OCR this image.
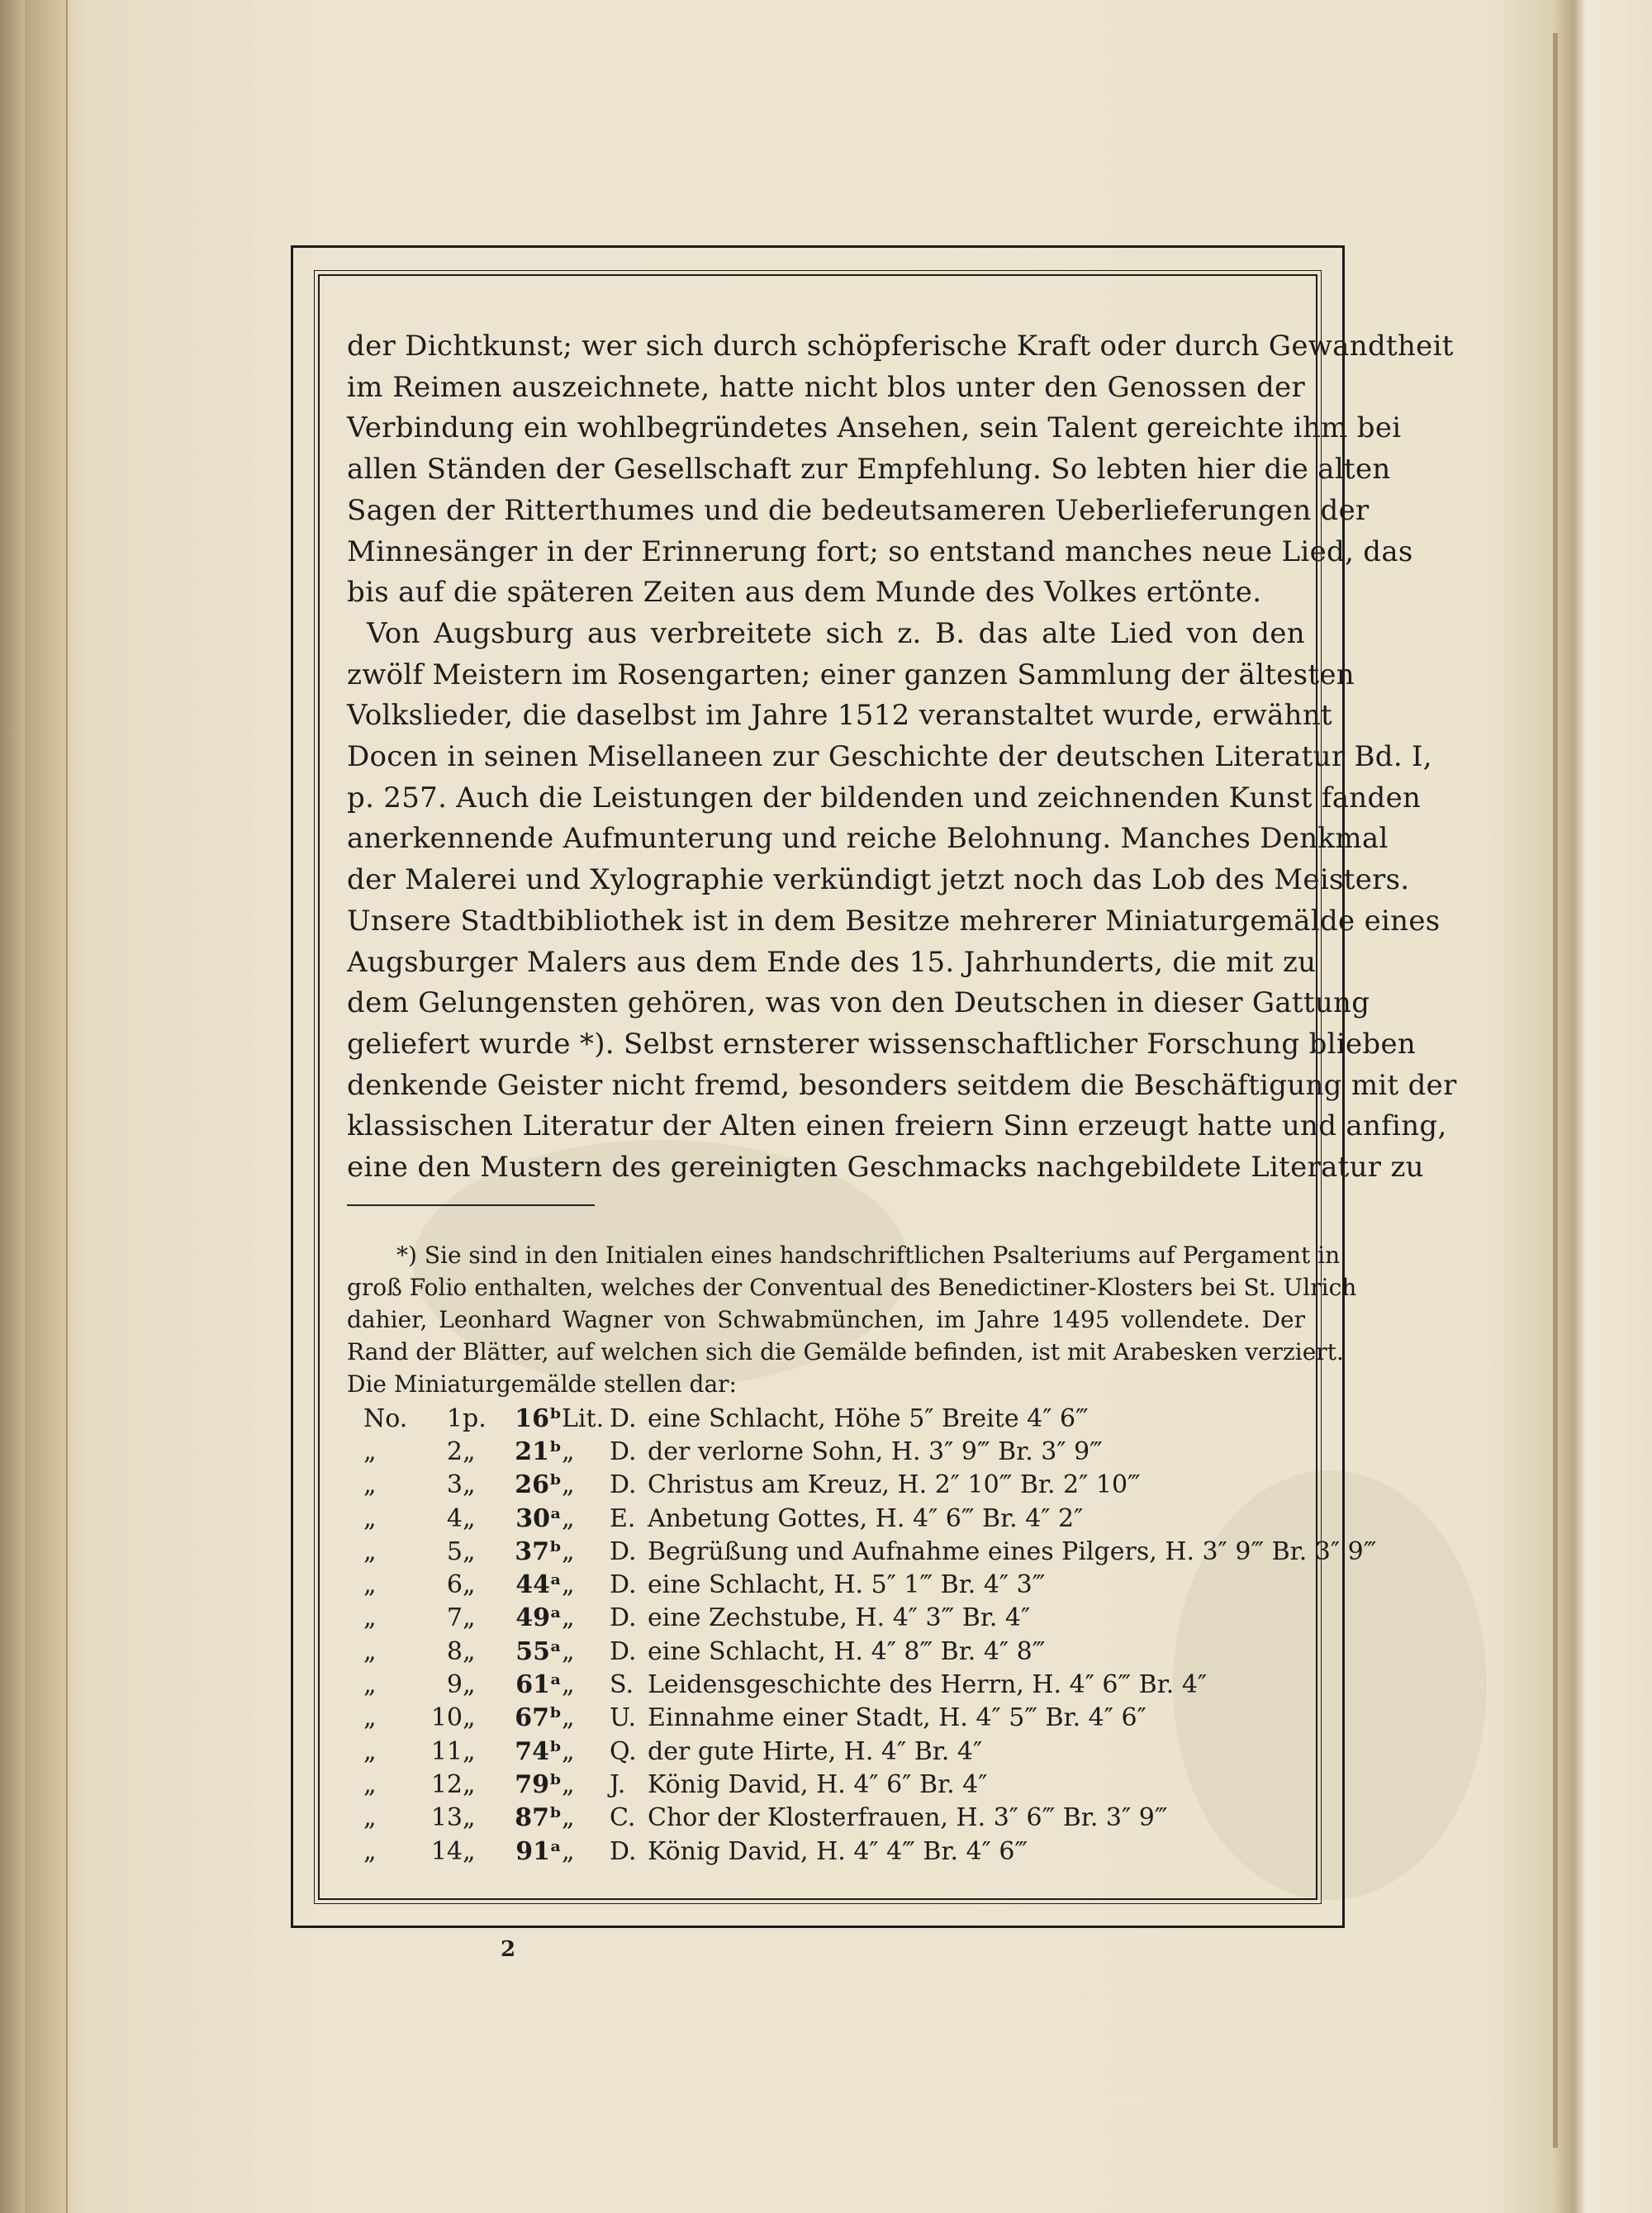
der Dichtkunst; wer sich durch schöpferische Kraft oder durch Gewandtheit
im Reimen auszeichnete, hatte nicht blos unter den Genossen der
Verbindung ein wohlbegründetes Ansehen, sein Talent gereichte ihm bei
allen Ständen der Gesellschaft zur Empfehlung. So lebten hier die alten
Sagen der Ritterthumes und die bedeutsameren Ueberlieferungen der
Minnesänger in der Erinnerung fort; so entstand manches neue Lied, das
bis auf die späteren Zeiten aus dem Munde des Volkes ertönte.
Von Augsburg aus verbreitete sich z. B. das alte Lied von den
zwölf Meistern im Rosengarten; einer ganzen Sammlung der ältesten
Volkslieder, die daselbst im Jahre 1512 veranstaltet wurde, erwähnt
Docen in seinen Misellaneen zur Geschichte der deutschen Literatur Bd. I,
p. 257. Auch die Leistungen der bildenden und zeichnenden Kunst fanden
anerkennende Aufmunterung und reiche Belohnung. Manches Denkmal
der Malerei und Xylographie verkündigt jetzt noch das Lob des Meisters.
Unsere Stadtbibliothek ist in dem Besitze mehrerer Miniaturgemälde eines
Augsburger Malers aus dem Ende des 15. Jahrhunderts, die mit zu
dem Gelungensten gehören, was von den Deutschen in dieser Gattung
geliefert wurde *). Selbst ernsterer wissenschaftlicher Forschung blieben
denkende Geister nicht fremd, besonders seitdem die Beschäftigung mit der
klassischen Literatur der Alten einen freiern Sinn erzeugt hatte und anfing,
eine den Mustern des gereinigten Geschmacks nachgebildete Literatur zu
*) Sie sind in den Initialen eines handschriftlichen Psalteriums auf Pergament in
groß Folio enthalten, welches der Conventual des Benedictiner-Klosters bei St. Ulrich
dahier, Leonhard Wagner von Schwabmünchen, im Jahre 1495 vollendete. Der
Rand der Blätter, auf welchen sich die Gemälde befinden, ist mit Arabesken verziert.
Die Miniaturgemälde stellen dar:
No.	1	p.	16ᵇ	Lit.	D.	eine Schlacht, Höhe 5″ Breite 4″ 6‴
„	2	„	21ᵇ	„	D.	der verlorne Sohn, H. 3″ 9‴ Br. 3″ 9‴
„	3	„	26ᵇ	„	D.	Christus am Kreuz, H. 2″ 10‴ Br. 2″ 10‴
„	4	„	30ᵃ	„	E.	Anbetung Gottes, H. 4″ 6‴ Br. 4″ 2″
„	5	„	37ᵇ	„	D.	Begrüßung und Aufnahme eines Pilgers, H. 3″ 9‴ Br. 3″ 9‴
„	6	„	44ᵃ	„	D.	eine Schlacht, H. 5″ 1‴ Br. 4″ 3‴
„	7	„	49ᵃ	„	D.	eine Zechstube, H. 4″ 3‴ Br. 4″
„	8	„	55ᵃ	„	D.	eine Schlacht, H. 4″ 8‴ Br. 4″ 8‴
„	9	„	61ᵃ	„	S.	Leidensgeschichte des Herrn, H. 4″ 6‴ Br. 4″
„	10	„	67ᵇ	„	U.	Einnahme einer Stadt, H. 4″ 5‴ Br. 4″ 6″
„	11	„	74ᵇ	„	Q.	der gute Hirte, H. 4″ Br. 4″
„	12	„	79ᵇ	„	J.	König David, H. 4″ 6″ Br. 4″
„	13	„	87ᵇ	„	C.	Chor der Klosterfrauen, H. 3″ 6‴ Br. 3″ 9‴
„	14	„	91ᵃ	„	D.	König David, H. 4″ 4‴ Br. 4″ 6‴
2
